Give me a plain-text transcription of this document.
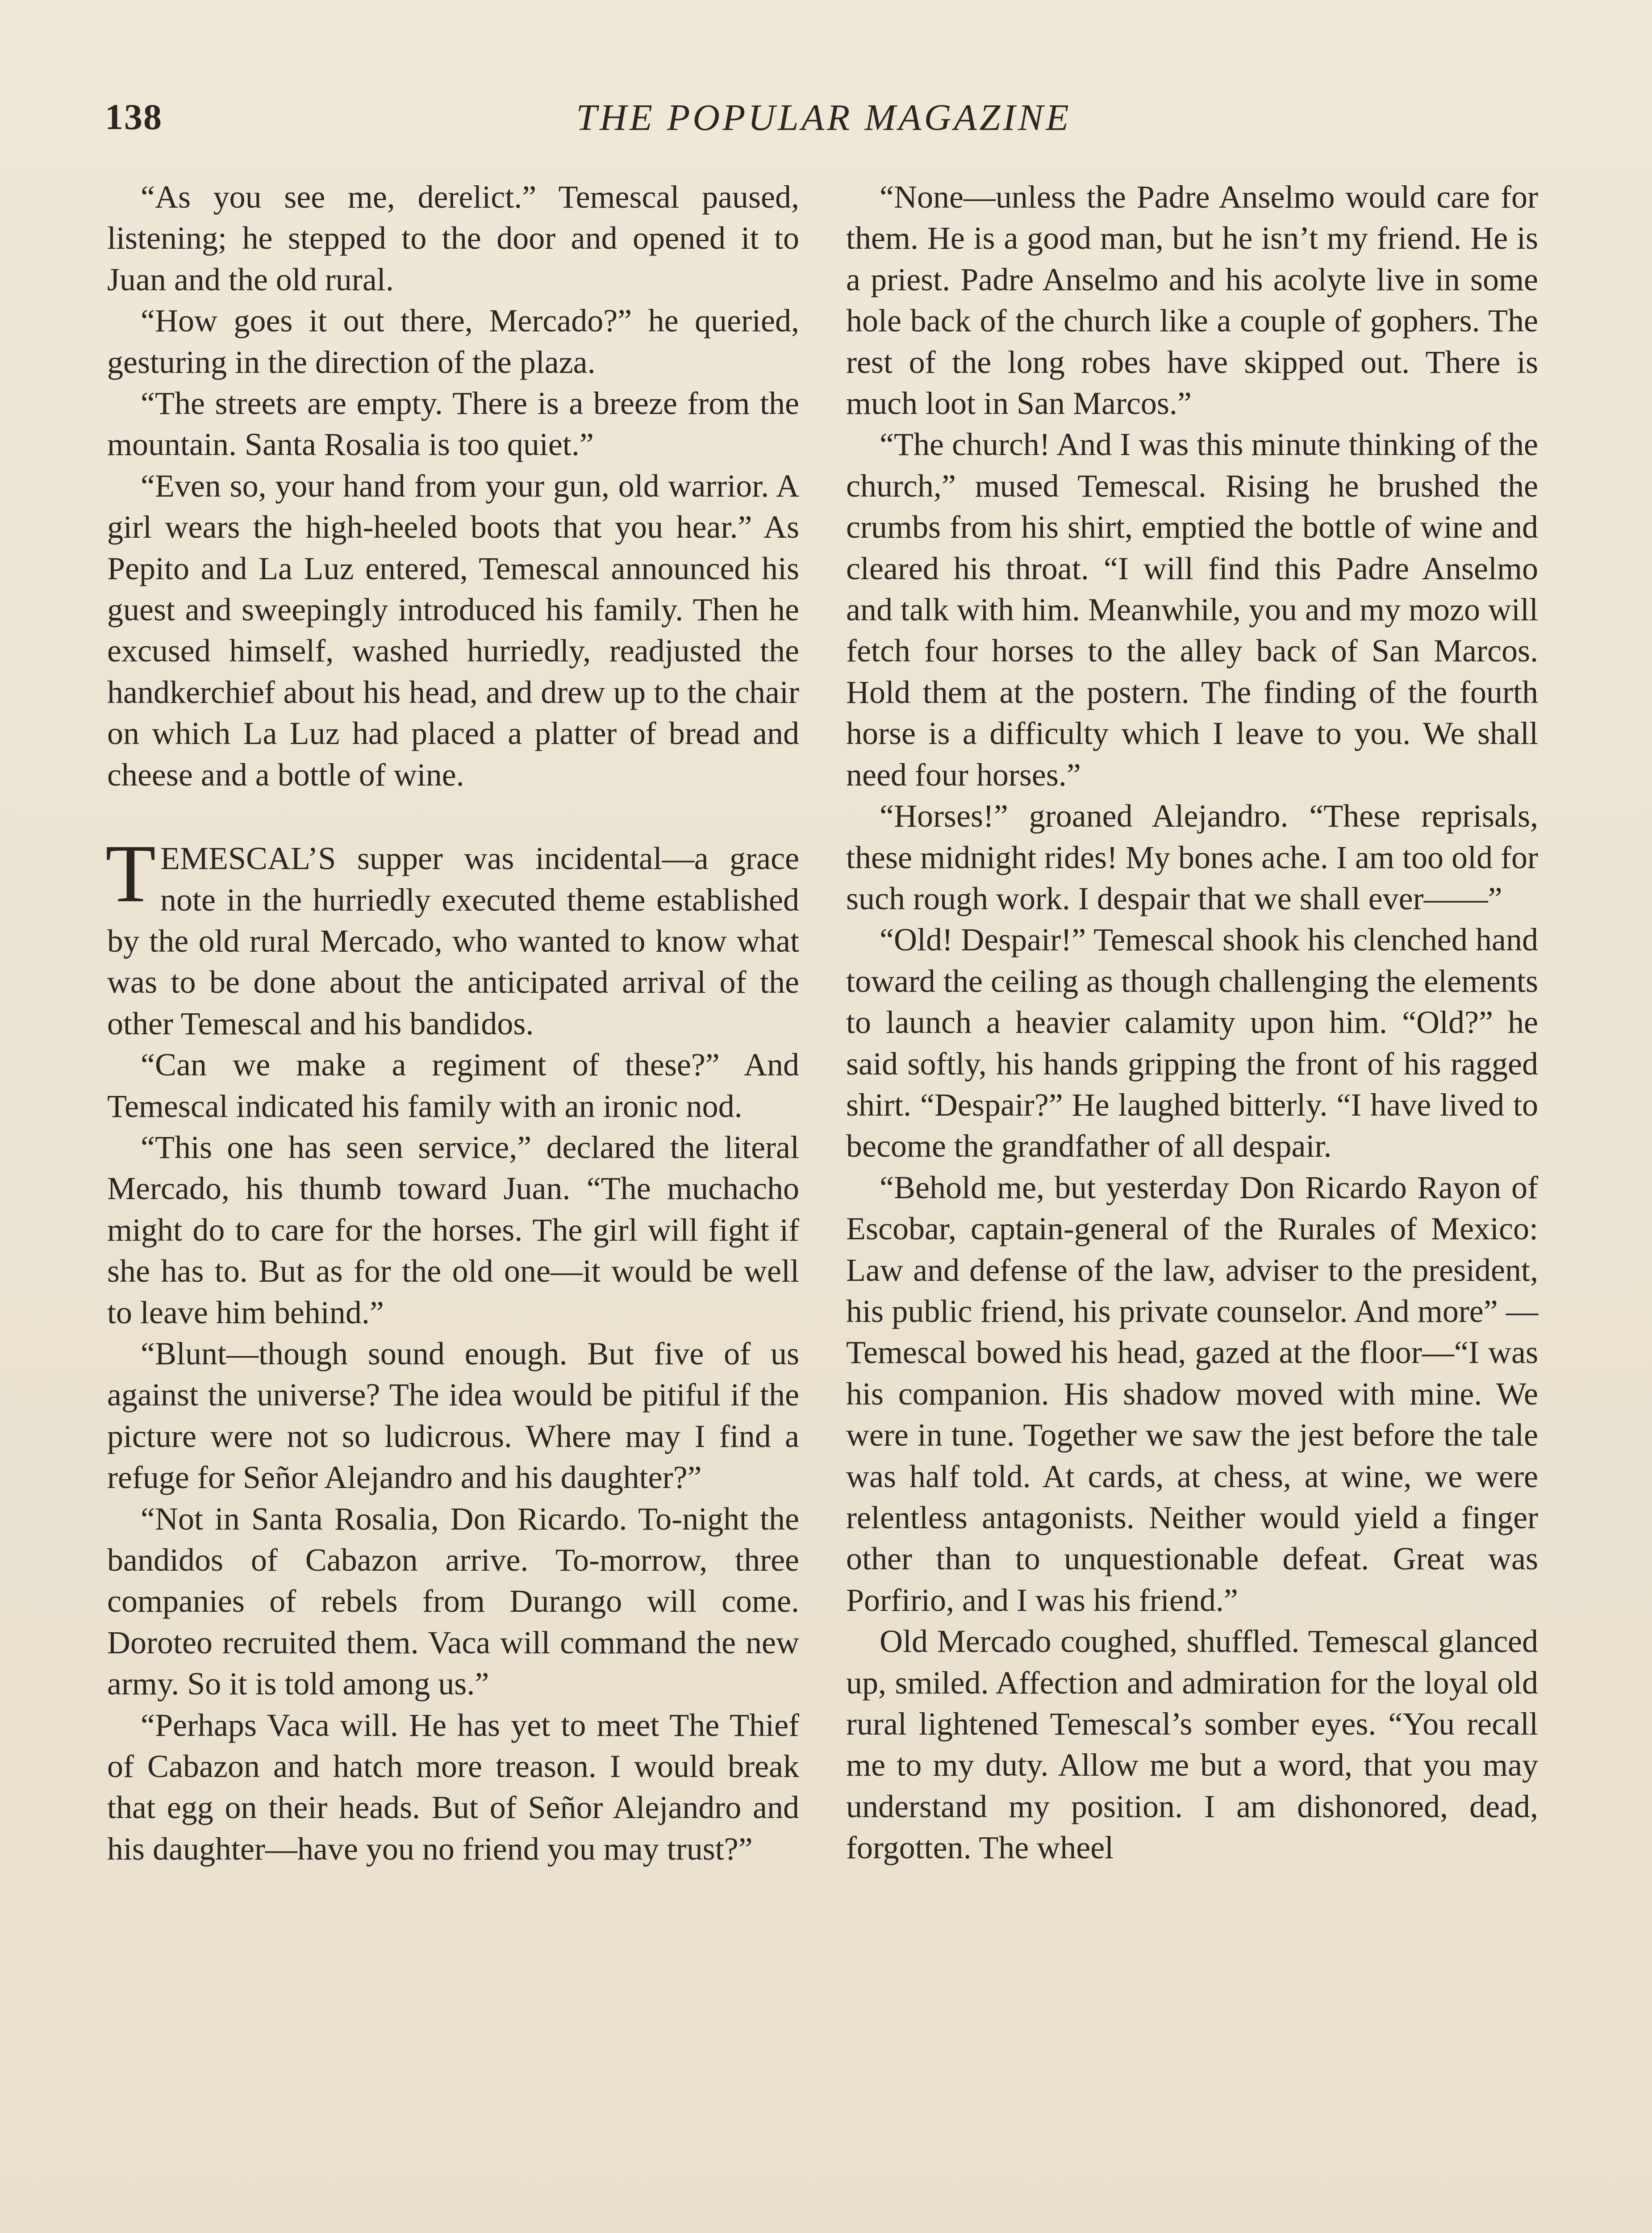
138	THE POPULAR MAGAZINE

“As you see me, derelict.” Temescal paused, listening; he stepped to the door and opened it to Juan and the old rural.

“How goes it out there, Mercado?” he queried, gesturing in the direction of the plaza.

“The streets are empty. There is a breeze from the mountain. Santa Rosalia is too quiet.”

“Even so, your hand from your gun, old warrior. A girl wears the high-heeled boots that you hear.” As Pepito and La Luz entered, Temescal announced his guest and sweepingly introduced his family. Then he excused himself, washed hurriedly, readjusted the handkerchief about his head, and drew up to the chair on which La Luz had placed a platter of bread and cheese and a bottle of wine.

TEMESCAL’S supper was incidental—a grace note in the hurriedly executed theme established by the old rural Mercado, who wanted to know what was to be done about the anticipated arrival of the other Temescal and his bandidos.

“Can we make a regiment of these?” And Temescal indicated his family with an ironic nod.

“This one has seen service,” declared the literal Mercado, his thumb toward Juan. “The muchacho might do to care for the horses. The girl will fight if she has to. But as for the old one—it would be well to leave him behind.”

“Blunt—though sound enough. But five of us against the universe? The idea would be pitiful if the picture were not so ludicrous. Where may I find a refuge for Señor Alejandro and his daughter?”

“Not in Santa Rosalia, Don Ricardo. To-night the bandidos of Cabazon arrive. To-morrow, three companies of rebels from Durango will come. Doroteo recruited them. Vaca will command the new army. So it is told among us.”

“Perhaps Vaca will. He has yet to meet The Thief of Cabazon and hatch more treason. I would break that egg on their heads. But of Señor Alejandro and his daughter—have you no friend you may trust?”

“None—unless the Padre Anselmo would care for them. He is a good man, but he isn’t my friend. He is a priest. Padre Anselmo and his acolyte live in some hole back of the church like a couple of gophers. The rest of the long robes have skipped out. There is much loot in San Marcos.”

“The church! And I was this minute thinking of the church,” mused Temescal. Rising he brushed the crumbs from his shirt, emptied the bottle of wine and cleared his throat. “I will find this Padre Anselmo and talk with him. Meanwhile, you and my mozo will fetch four horses to the alley back of San Marcos. Hold them at the postern. The finding of the fourth horse is a difficulty which I leave to you. We shall need four horses.”

“Horses!” groaned Alejandro. “These reprisals, these midnight rides! My bones ache. I am too old for such rough work. I despair that we shall ever——”

“Old! Despair!” Temescal shook his clenched hand toward the ceiling as though challenging the elements to launch a heavier calamity upon him. “Old?” he said softly, his hands gripping the front of his ragged shirt. “Despair?” He laughed bitterly. “I have lived to become the grandfather of all despair.

“Behold me, but yesterday Don Ricardo Rayon of Escobar, captain-general of the Rurales of Mexico: Law and defense of the law, adviser to the president, his public friend, his private counselor. And more” —Temescal bowed his head, gazed at the floor—“I was his companion. His shadow moved with mine. We were in tune. Together we saw the jest before the tale was half told. At cards, at chess, at wine, we were relentless antagonists. Neither would yield a finger other than to unquestionable defeat. Great was Porfirio, and I was his friend.”

Old Mercado coughed, shuffled. Temescal glanced up, smiled. Affection and admiration for the loyal old rural lightened Temescal’s somber eyes. “You recall me to my duty. Allow me but a word, that you may understand my position. I am dishonored, dead, forgotten. The wheel
